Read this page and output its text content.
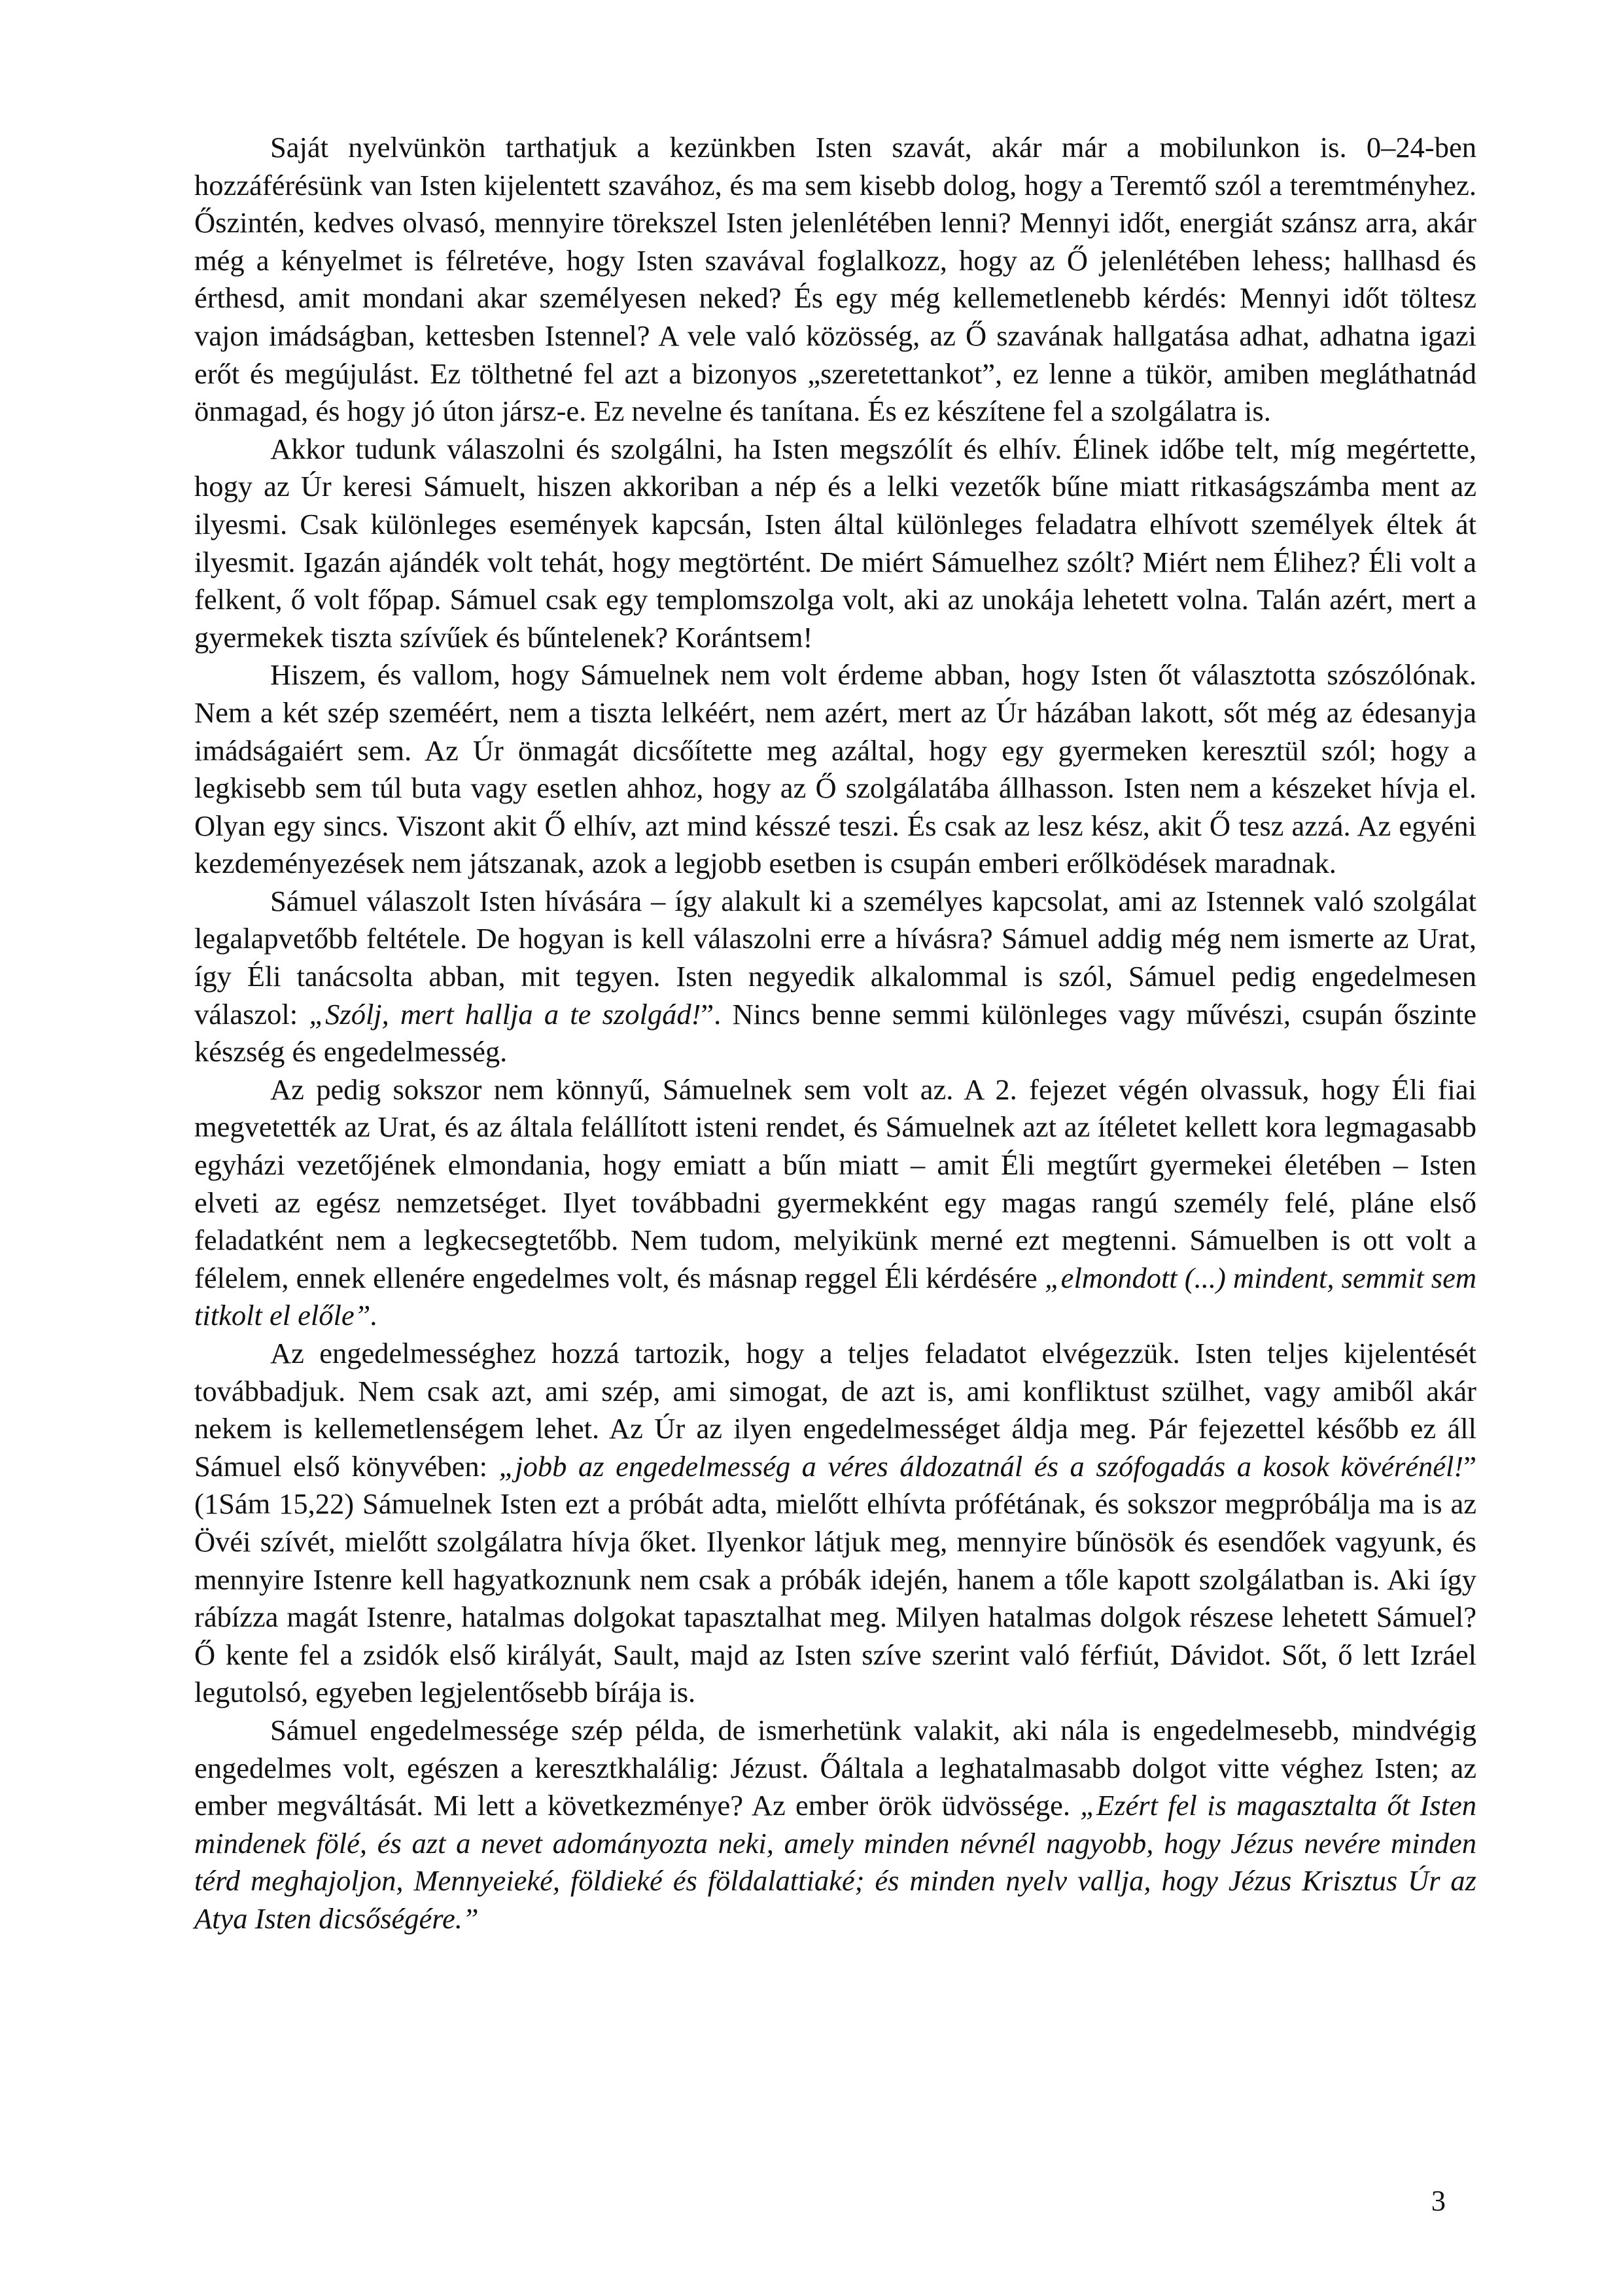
Saját nyelvünkön tarthatjuk a kezünkben Isten szavát, akár már a mobilunkon is. 0–24-ben hozzáférésünk van Isten kijelentett szavához, és ma sem kisebb dolog, hogy a Teremtő szól a teremtményhez. Őszintén, kedves olvasó, mennyire törekszel Isten jelenlétében lenni? Mennyi időt, energiát szánsz arra, akár még a kényelmet is félretéve, hogy Isten szavával foglalkozz, hogy az Ő jelenlétében lehess; hallhasd és érthesd, amit mondani akar személyesen neked? És egy még kellemetlenebb kérdés: Mennyi időt töltesz vajon imádságban, kettesben Istennel? A vele való közösség, az Ő szavának hallgatása adhat, adhatna igazi erőt és megújulást. Ez tölthetné fel azt a bizonyos „szeretettankot”, ez lenne a tükör, amiben megláthatnád önmagad, és hogy jó úton jársz-e. Ez nevelne és tanítana. És ez készítene fel a szolgálatra is.

Akkor tudunk válaszolni és szolgálni, ha Isten megszólít és elhív. Élinek időbe telt, míg megértette, hogy az Úr keresi Sámuelt, hiszen akkoriban a nép és a lelki vezetők bűne miatt ritkaságszámba ment az ilyesmi. Csak különleges események kapcsán, Isten által különleges feladatra elhívott személyek éltek át ilyesmit. Igazán ajándék volt tehát, hogy megtörtént. De miért Sámuelhez szólt? Miért nem Élihez? Éli volt a felkent, ő volt főpap. Sámuel csak egy templomszolga volt, aki az unokája lehetett volna. Talán azért, mert a gyermekek tiszta szívűek és bűntelenek? Korántsem!

Hiszem, és vallom, hogy Sámuelnek nem volt érdeme abban, hogy Isten őt választotta szószólónak. Nem a két szép szeméért, nem a tiszta lelkéért, nem azért, mert az Úr házában lakott, sőt még az édesanyja imádságaiért sem. Az Úr önmagát dicsőítette meg azáltal, hogy egy gyermeken keresztül szól; hogy a legkisebb sem túl buta vagy esetlen ahhoz, hogy az Ő szolgálatába állhasson. Isten nem a készeket hívja el. Olyan egy sincs. Viszont akit Ő elhív, azt mind késszé teszi. És csak az lesz kész, akit Ő tesz azzá. Az egyéni kezdeményezések nem játszanak, azok a legjobb esetben is csupán emberi erőlködések maradnak.

Sámuel válaszolt Isten hívására – így alakult ki a személyes kapcsolat, ami az Istennek való szolgálat legalapvetőbb feltétele. De hogyan is kell válaszolni erre a hívásra? Sámuel addig még nem ismerte az Urat, így Éli tanácsolta abban, mit tegyen. Isten negyedik alkalommal is szól, Sámuel pedig engedelmesen válaszol: „Szólj, mert hallja a te szolgád!”. Nincs benne semmi különleges vagy művészi, csupán őszinte készség és engedelmesség.

Az pedig sokszor nem könnyű, Sámuelnek sem volt az. A 2. fejezet végén olvassuk, hogy Éli fiai megvetették az Urat, és az általa felállított isteni rendet, és Sámuelnek azt az ítéletet kellett kora legmagasabb egyházi vezetőjének elmondania, hogy emiatt a bűn miatt – amit Éli megtűrt gyermekei életében – Isten elveti az egész nemzetséget. Ilyet továbbadni gyermekként egy magas rangú személy felé, pláne első feladatként nem a legkecsegtetőbb. Nem tudom, melyikünk merné ezt megtenni. Sámuelben is ott volt a félelem, ennek ellenére engedelmes volt, és másnap reggel Éli kérdésére „elmondott (...) mindent, semmit sem titkolt el előle”.

Az engedelmességhez hozzá tartozik, hogy a teljes feladatot elvégezzük. Isten teljes kijelentését továbbadjuk. Nem csak azt, ami szép, ami simogat, de azt is, ami konfliktust szülhet, vagy amiből akár nekem is kellemetlenségem lehet. Az Úr az ilyen engedelmességet áldja meg. Pár fejezettel később ez áll Sámuel első könyvében: „jobb az engedelmesség a véres áldozatnál és a szófogadás a kosok kövérénél!” (1Sám 15,22) Sámuelnek Isten ezt a próbát adta, mielőtt elhívta prófétának, és sokszor megpróbálja ma is az Övéi szívét, mielőtt szolgálatra hívja őket. Ilyenkor látjuk meg, mennyire bűnösök és esendőek vagyunk, és mennyire Istenre kell hagyatkoznunk nem csak a próbák idején, hanem a tőle kapott szolgálatban is. Aki így rábízza magát Istenre, hatalmas dolgokat tapasztalhat meg. Milyen hatalmas dolgok részese lehetett Sámuel? Ő kente fel a zsidók első királyát, Sault, majd az Isten szíve szerint való férfiút, Dávidot. Sőt, ő lett Izráel legutolsó, egyeben legjelentősebb bírája is.

Sámuel engedelmessége szép példa, de ismerhetünk valakit, aki nála is engedelmesebb, mindvégig engedelmes volt, egészen a keresztkhalálig: Jézust. Őáltala a leghatalmasabb dolgot vitte véghez Isten; az ember megváltását. Mi lett a következménye? Az ember örök üdvössége. „Ezért fel is magasztalta őt Isten mindenek fölé, és azt a nevet adományozta neki, amely minden névnél nagyobb, hogy Jézus nevére minden térd meghajoljon, Mennyeieké, földieké és földalattiaké; és minden nyelv vallja, hogy Jézus Krisztus Úr az Atya Isten dicsőségére.”

3
